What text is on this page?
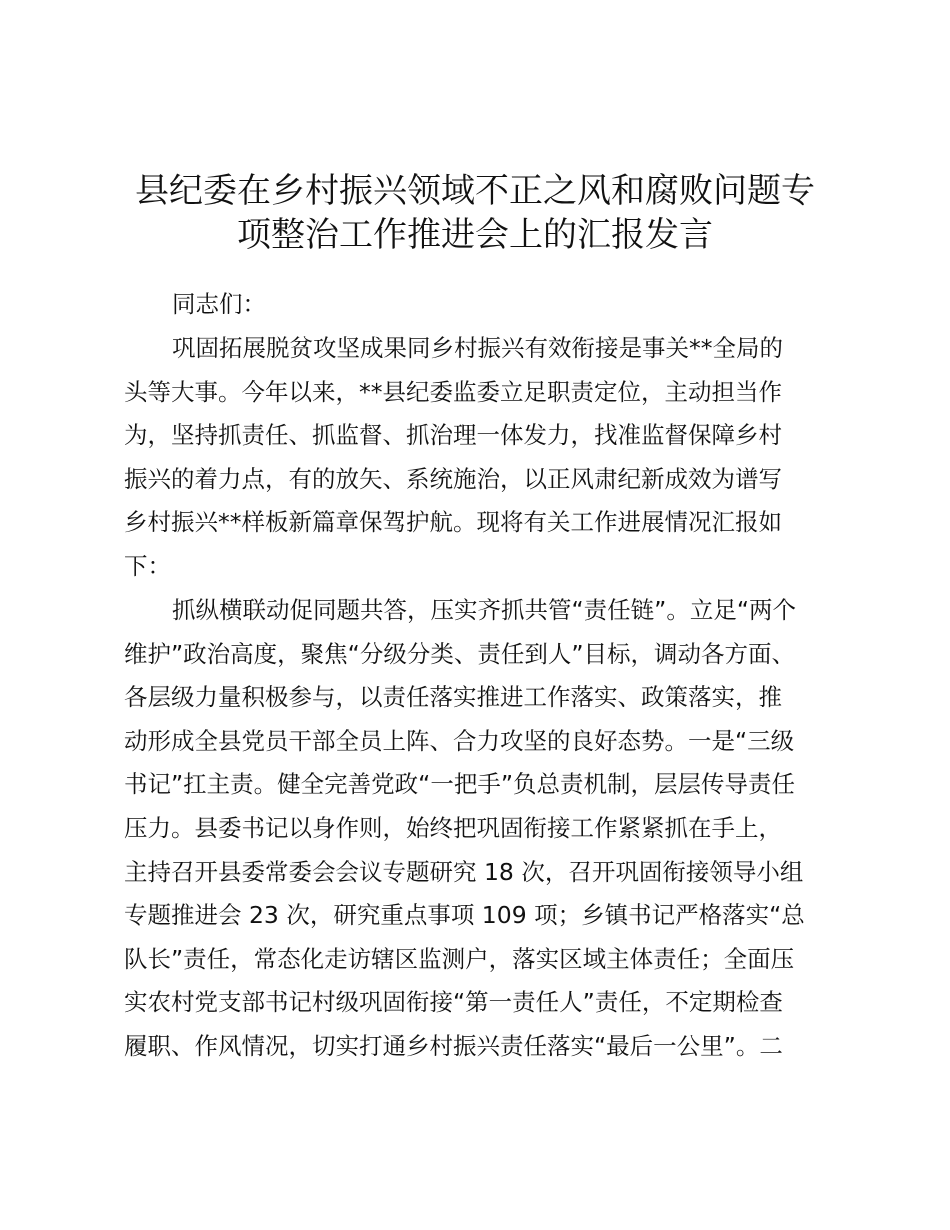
县纪委在乡村振兴领域不正之风和腐败问题专
项整治工作推进会上的汇报发言

同志们：

巩固拓展脱贫攻坚成果同乡村振兴有效衔接是事关**全局的
头等大事。今年以来，**县纪委监委立足职责定位，主动担当作
为，坚持抓责任、抓监督、抓治理一体发力，找准监督保障乡村
振兴的着力点，有的放矢、系统施治，以正风肃纪新成效为谱写
乡村振兴**样板新篇章保驾护航。现将有关工作进展情况汇报如
下：
抓纵横联动促同题共答，压实齐抓共管“责任链”。立足“两个
维护”政治高度，聚焦“分级分类、责任到人”目标，调动各方面、
各层级力量积极参与，以责任落实推进工作落实、政策落实，推
动形成全县党员干部全员上阵、合力攻坚的良好态势。一是“三级
书记”扛主责。健全完善党政“一把手”负总责机制，层层传导责任
压力。县委书记以身作则，始终把巩固衔接工作紧紧抓在手上，
主持召开县委常委会会议专题研究 18 次，召开巩固衔接领导小组
专题推进会 23 次，研究重点事项 109 项；乡镇书记严格落实“总
队长”责任，常态化走访辖区监测户，落实区域主体责任；全面压
实农村党支部书记村级巩固衔接“第一责任人”责任，不定期检查
履职、作风情况，切实打通乡村振兴责任落实“最后一公里”。二
